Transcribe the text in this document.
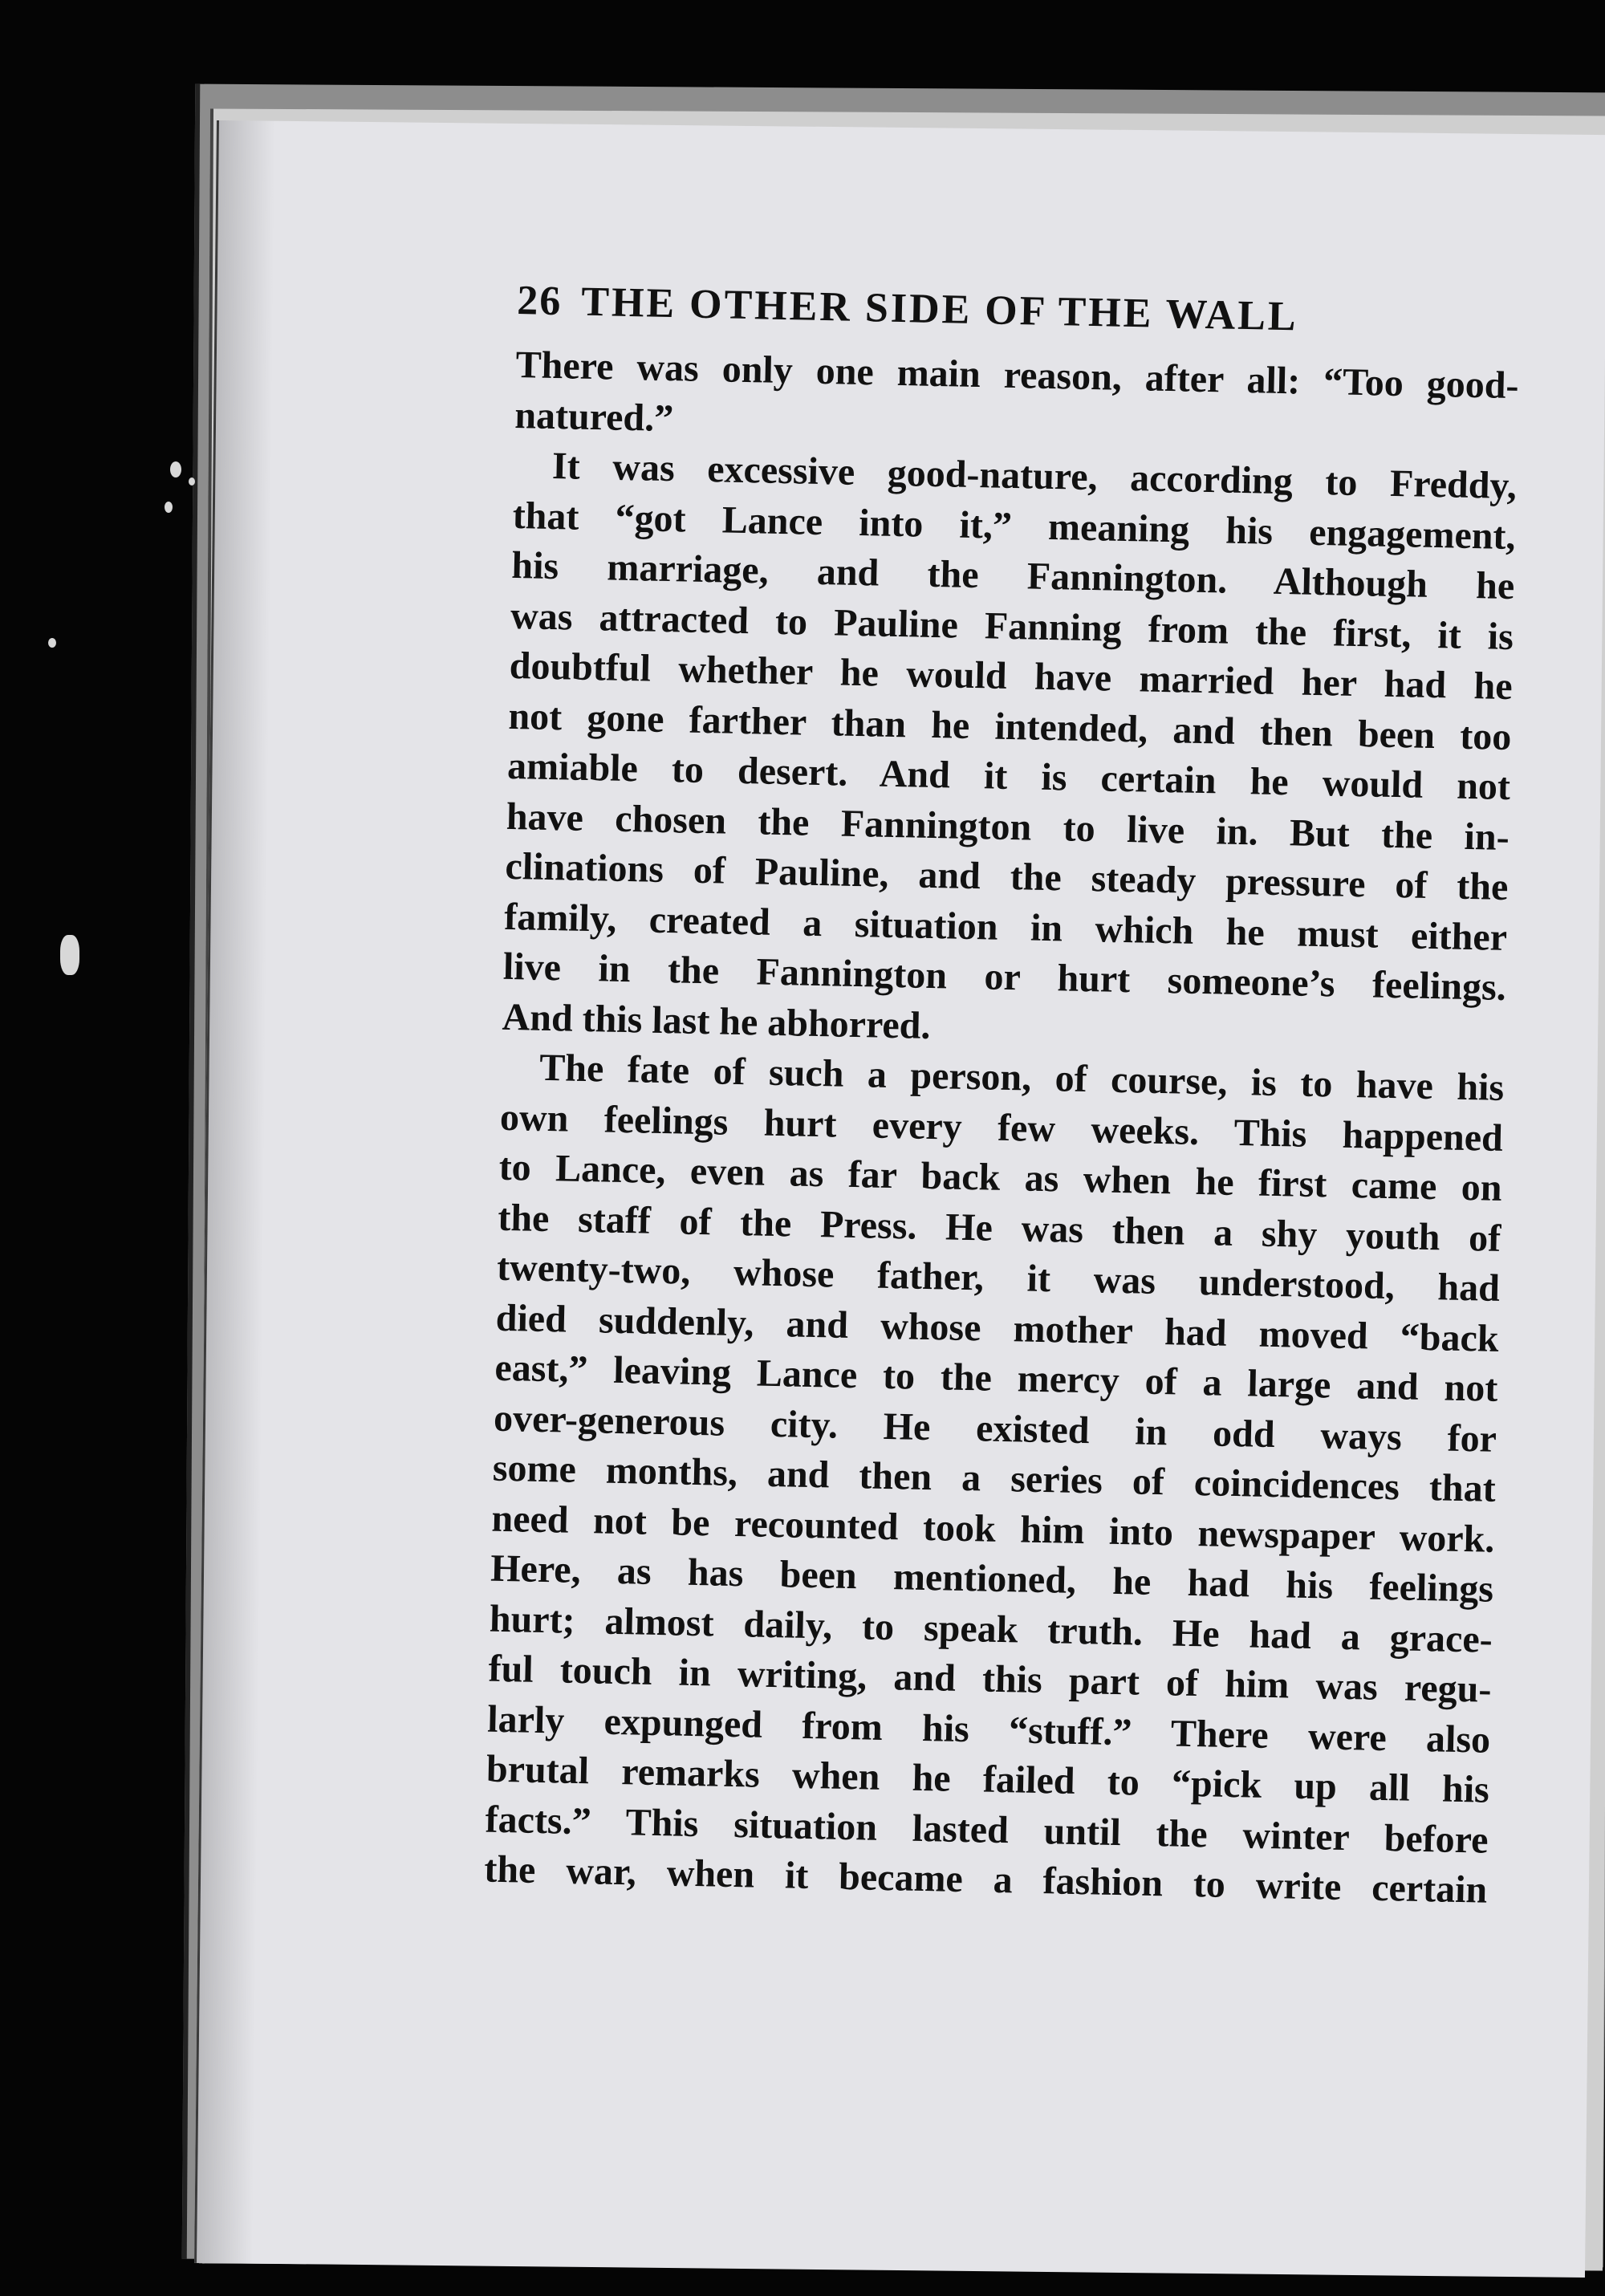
26 THE OTHER SIDE OF THE WALL

There was only one main reason, after all: “Too good-
natured.”

It was excessive good-nature, according to Freddy,
that “got Lance into it,” meaning his engagement,
his marriage, and the Fannington. Although he
was attracted to Pauline Fanning from the first, it is
doubtful whether he would have married her had he
not gone farther than he intended, and then been too
amiable to desert. And it is certain he would not
have chosen the Fannington to live in. But the in-
clinations of Pauline, and the steady pressure of the
family, created a situation in which he must either
live in the Fannington or hurt someone’s feelings.
And this last he abhorred.

The fate of such a person, of course, is to have his
own feelings hurt every few weeks. This happened
to Lance, even as far back as when he first came on
the staff of the Press. He was then a shy youth of
twenty-two, whose father, it was understood, had
died suddenly, and whose mother had moved “back
east,” leaving Lance to the mercy of a large and not
over-generous city. He existed in odd ways for
some months, and then a series of coincidences that
need not be recounted took him into newspaper work.
Here, as has been mentioned, he had his feelings
hurt; almost daily, to speak truth. He had a grace-
ful touch in writing, and this part of him was regu-
larly expunged from his “stuff.” There were also
brutal remarks when he failed to “pick up all his
facts.” This situation lasted until the winter before
the war, when it became a fashion to write certain
